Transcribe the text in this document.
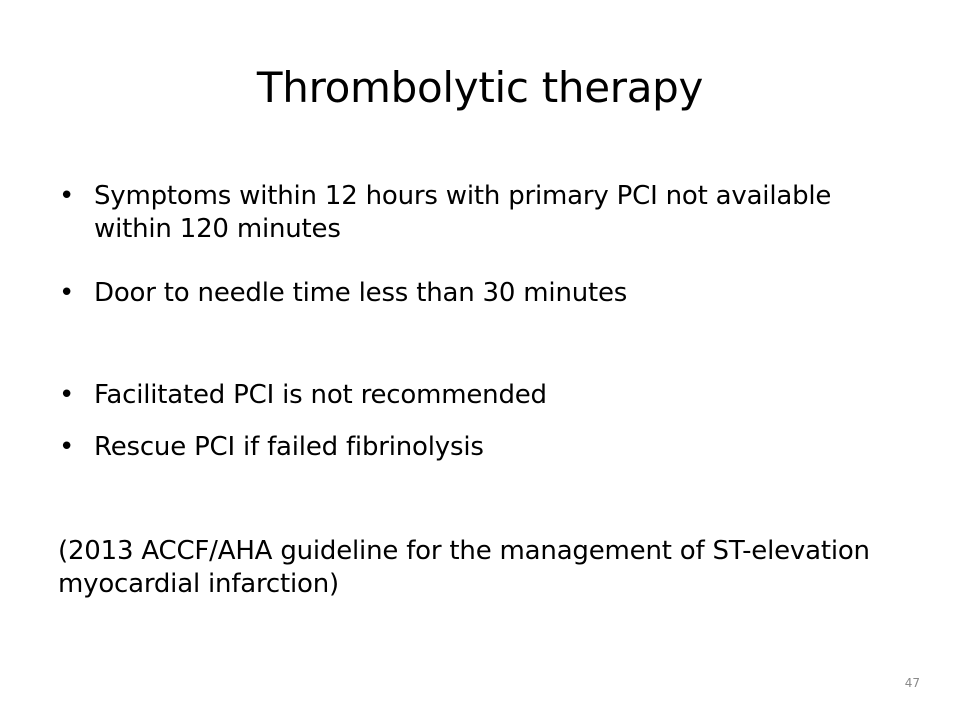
Thrombolytic therapy
• Symptoms within 12 hours with primary PCI not available within 120 minutes
• Door to needle time less than 30 minutes
• Facilitated PCI is not recommended
• Rescue PCI if failed fibrinolysis
(2013 ACCF/AHA guideline for the management of ST-elevation myocardial infarction)
47
